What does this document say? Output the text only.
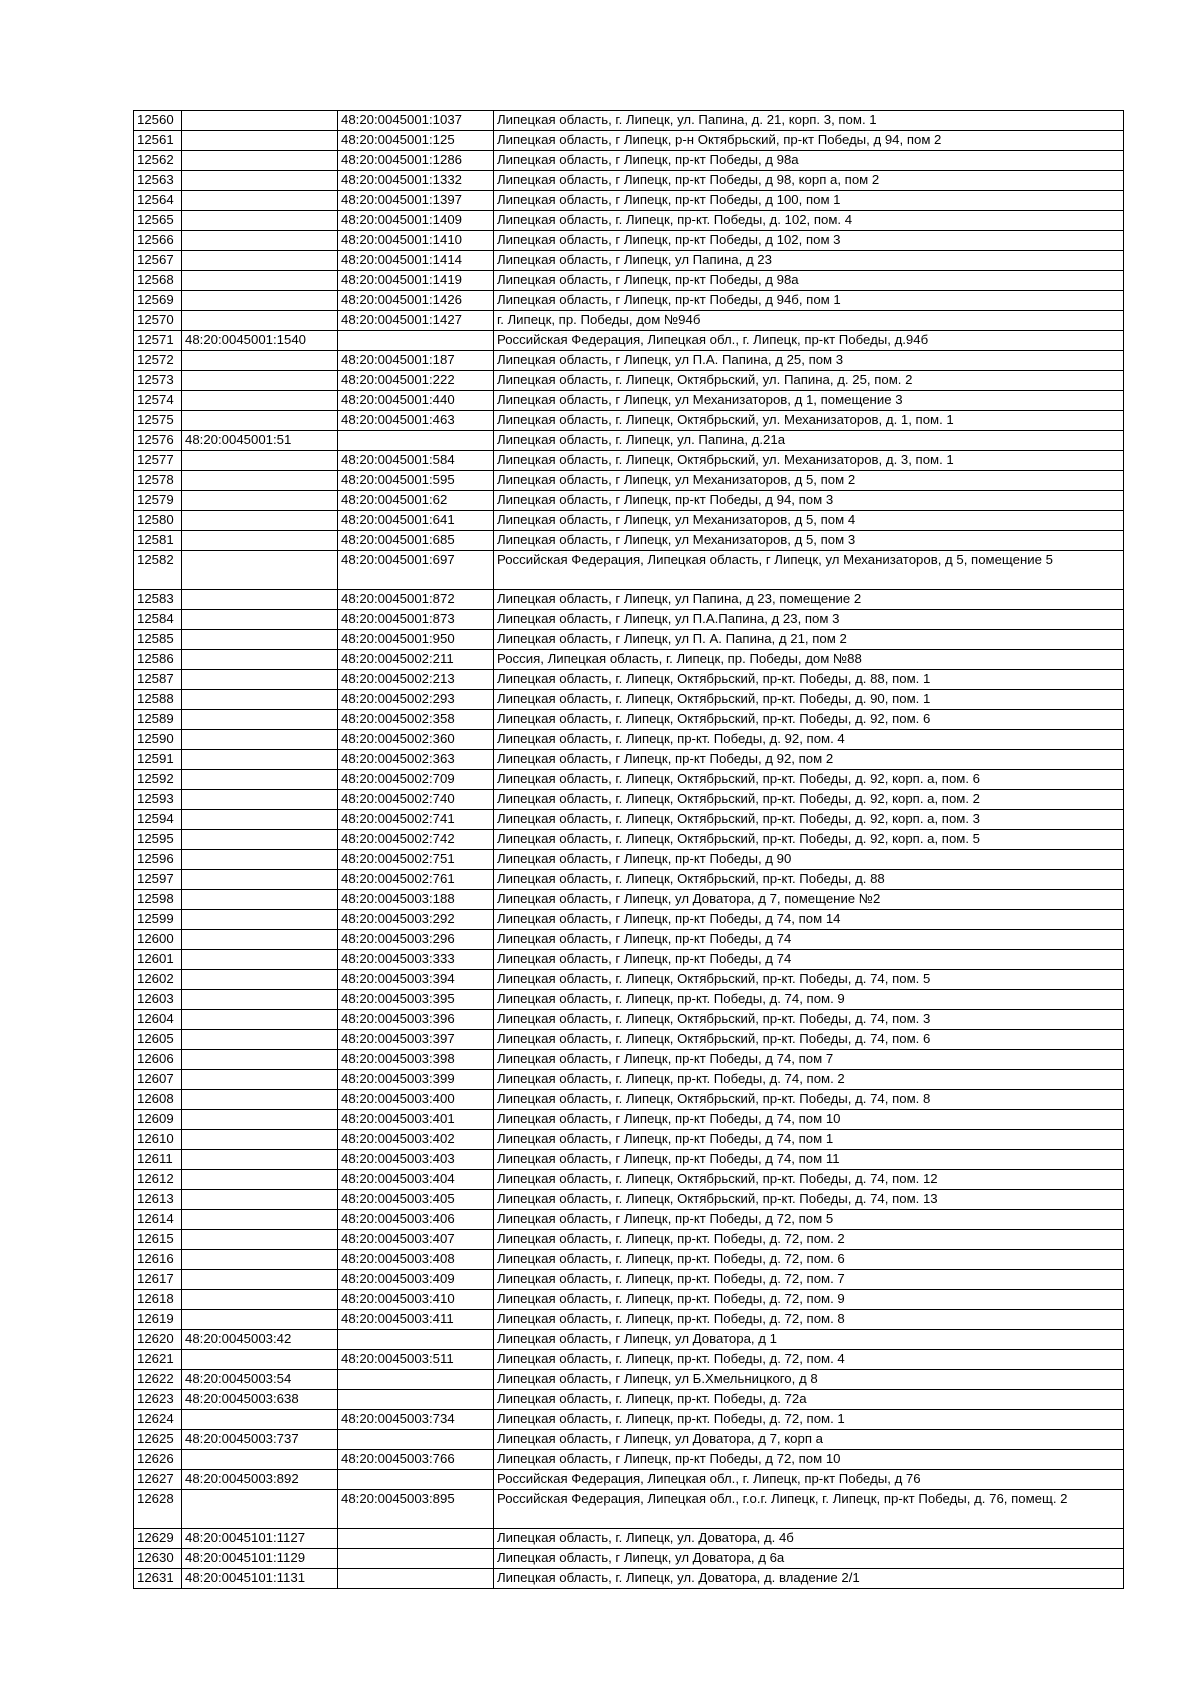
12560		48:20:0045001:1037	Липецкая область, г. Липецк, ул. Папина, д. 21, корп. 3, пом. 1
12561		48:20:0045001:125	Липецкая область, г Липецк, р-н Октябрьский, пр-кт Победы, д 94, пом 2
12562		48:20:0045001:1286	Липецкая область, г Липецк, пр-кт Победы, д 98а
12563		48:20:0045001:1332	Липецкая область, г Липецк, пр-кт Победы, д 98, корп а, пом 2
12564		48:20:0045001:1397	Липецкая область, г Липецк, пр-кт Победы, д 100, пом 1
12565		48:20:0045001:1409	Липецкая область, г. Липецк, пр-кт. Победы, д. 102, пом. 4
12566		48:20:0045001:1410	Липецкая область, г Липецк, пр-кт Победы, д 102, пом 3
12567		48:20:0045001:1414	Липецкая область, г Липецк, ул Папина, д 23
12568		48:20:0045001:1419	Липецкая область, г Липецк, пр-кт Победы, д 98а
12569		48:20:0045001:1426	Липецкая область, г Липецк, пр-кт Победы, д 94б, пом 1
12570		48:20:0045001:1427	г. Липецк, пр. Победы, дом №94б
12571	48:20:0045001:1540		Российская Федерация, Липецкая обл., г. Липецк, пр-кт Победы, д.94б
12572		48:20:0045001:187	Липецкая область, г Липецк, ул П.А. Папина, д 25, пом 3
12573		48:20:0045001:222	Липецкая область, г. Липецк, Октябрьский, ул. Папина, д. 25, пом. 2
12574		48:20:0045001:440	Липецкая область, г Липецк, ул Механизаторов, д 1, помещение 3
12575		48:20:0045001:463	Липецкая область, г. Липецк, Октябрьский, ул. Механизаторов, д. 1, пом. 1
12576	48:20:0045001:51		Липецкая область, г. Липецк, ул. Папина, д.21а
12577		48:20:0045001:584	Липецкая область, г. Липецк, Октябрьский, ул. Механизаторов, д. 3, пом. 1
12578		48:20:0045001:595	Липецкая область, г Липецк, ул Механизаторов, д 5, пом 2
12579		48:20:0045001:62	Липецкая область, г Липецк, пр-кт Победы, д 94, пом 3
12580		48:20:0045001:641	Липецкая область, г Липецк, ул Механизаторов, д 5, пом 4
12581		48:20:0045001:685	Липецкая область, г Липецк, ул Механизаторов, д 5, пом 3
12582		48:20:0045001:697	Российская Федерация, Липецкая область, г Липецк, ул Механизаторов, д 5, помещение 5
12583		48:20:0045001:872	Липецкая область, г Липецк, ул Папина, д 23, помещение 2
12584		48:20:0045001:873	Липецкая область, г Липецк, ул П.А.Папина, д 23, пом 3
12585		48:20:0045001:950	Липецкая область, г Липецк, ул П. А. Папина, д 21, пом 2
12586		48:20:0045002:211	Россия, Липецкая область, г. Липецк, пр. Победы, дом №88
12587		48:20:0045002:213	Липецкая область, г. Липецк, Октябрьский, пр-кт. Победы, д. 88, пом. 1
12588		48:20:0045002:293	Липецкая область, г. Липецк, Октябрьский, пр-кт. Победы, д. 90, пом. 1
12589		48:20:0045002:358	Липецкая область, г. Липецк, Октябрьский, пр-кт. Победы, д. 92, пом. 6
12590		48:20:0045002:360	Липецкая область, г. Липецк, пр-кт. Победы, д. 92, пом. 4
12591		48:20:0045002:363	Липецкая область, г Липецк, пр-кт Победы, д 92, пом 2
12592		48:20:0045002:709	Липецкая область, г. Липецк, Октябрьский, пр-кт. Победы, д. 92, корп. а, пом. 6
12593		48:20:0045002:740	Липецкая область, г. Липецк, Октябрьский, пр-кт. Победы, д. 92, корп. а, пом. 2
12594		48:20:0045002:741	Липецкая область, г. Липецк, Октябрьский, пр-кт. Победы, д. 92, корп. а, пом. 3
12595		48:20:0045002:742	Липецкая область, г. Липецк, Октябрьский, пр-кт. Победы, д. 92, корп. а, пом. 5
12596		48:20:0045002:751	Липецкая область, г Липецк, пр-кт Победы, д 90
12597		48:20:0045002:761	Липецкая область, г. Липецк, Октябрьский, пр-кт. Победы, д. 88
12598		48:20:0045003:188	Липецкая область, г Липецк, ул Доватора, д 7, помещение №2
12599		48:20:0045003:292	Липецкая область, г Липецк, пр-кт Победы, д 74, пом 14
12600		48:20:0045003:296	Липецкая область, г Липецк, пр-кт Победы, д 74
12601		48:20:0045003:333	Липецкая область, г Липецк, пр-кт Победы, д 74
12602		48:20:0045003:394	Липецкая область, г. Липецк, Октябрьский, пр-кт. Победы, д. 74, пом. 5
12603		48:20:0045003:395	Липецкая область, г. Липецк, пр-кт. Победы, д. 74, пом. 9
12604		48:20:0045003:396	Липецкая область, г. Липецк, Октябрьский, пр-кт. Победы, д. 74, пом. 3
12605		48:20:0045003:397	Липецкая область, г. Липецк, Октябрьский, пр-кт. Победы, д. 74, пом. 6
12606		48:20:0045003:398	Липецкая область, г Липецк, пр-кт Победы, д 74, пом 7
12607		48:20:0045003:399	Липецкая область, г. Липецк, пр-кт. Победы, д. 74, пом. 2
12608		48:20:0045003:400	Липецкая область, г. Липецк, Октябрьский, пр-кт. Победы, д. 74, пом. 8
12609		48:20:0045003:401	Липецкая область, г Липецк, пр-кт Победы, д 74, пом 10
12610		48:20:0045003:402	Липецкая область, г Липецк, пр-кт Победы, д 74, пом 1
12611		48:20:0045003:403	Липецкая область, г Липецк, пр-кт Победы, д 74, пом 11
12612		48:20:0045003:404	Липецкая область, г. Липецк, Октябрьский, пр-кт. Победы, д. 74, пом. 12
12613		48:20:0045003:405	Липецкая область, г. Липецк, Октябрьский, пр-кт. Победы, д. 74, пом. 13
12614		48:20:0045003:406	Липецкая область, г Липецк, пр-кт Победы, д 72, пом 5
12615		48:20:0045003:407	Липецкая область, г. Липецк, пр-кт. Победы, д. 72, пом. 2
12616		48:20:0045003:408	Липецкая область, г. Липецк, пр-кт. Победы, д. 72, пом. 6
12617		48:20:0045003:409	Липецкая область, г. Липецк, пр-кт. Победы, д. 72, пом. 7
12618		48:20:0045003:410	Липецкая область, г. Липецк, пр-кт. Победы, д. 72, пом. 9
12619		48:20:0045003:411	Липецкая область, г. Липецк, пр-кт. Победы, д. 72, пом. 8
12620	48:20:0045003:42		Липецкая область, г Липецк, ул Доватора, д 1
12621		48:20:0045003:511	Липецкая область, г. Липецк, пр-кт. Победы, д. 72, пом. 4
12622	48:20:0045003:54		Липецкая область, г Липецк, ул Б.Хмельницкого, д 8
12623	48:20:0045003:638		Липецкая область, г. Липецк, пр-кт. Победы, д. 72а
12624		48:20:0045003:734	Липецкая область, г. Липецк, пр-кт. Победы, д. 72, пом. 1
12625	48:20:0045003:737		Липецкая область, г Липецк, ул Доватора, д 7, корп а
12626		48:20:0045003:766	Липецкая область, г Липецк, пр-кт Победы, д 72, пом 10
12627	48:20:0045003:892		Российская Федерация, Липецкая обл., г. Липецк, пр-кт Победы, д 76
12628		48:20:0045003:895	Российская Федерация, Липецкая обл., г.о.г. Липецк, г. Липецк, пр-кт Победы, д. 76, помещ. 2
12629	48:20:0045101:1127		Липецкая область, г. Липецк, ул. Доватора, д. 4б
12630	48:20:0045101:1129		Липецкая область, г Липецк, ул Доватора, д 6а
12631	48:20:0045101:1131		Липецкая область, г. Липецк, ул. Доватора, д. владение 2/1
